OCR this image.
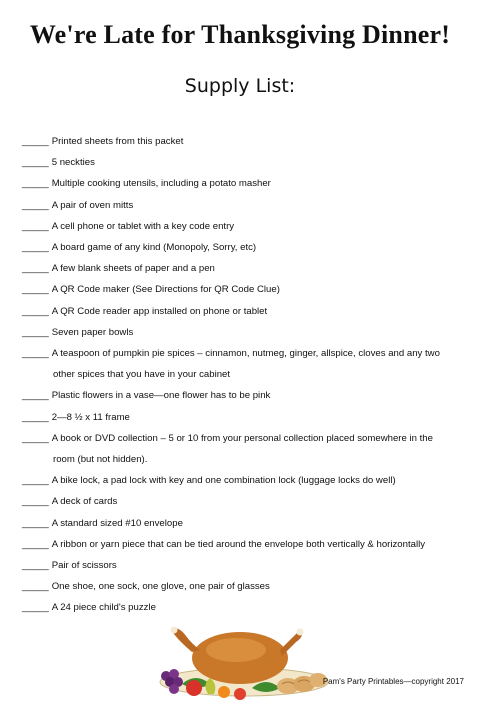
We're Late for Thanksgiving Dinner!
Supply List:
_____ Printed sheets from this packet
_____ 5 neckties
_____ Multiple cooking utensils, including a potato masher
_____ A pair of oven mitts
_____ A cell phone or tablet with a key code entry
_____ A board game of any kind (Monopoly, Sorry, etc)
_____ A few blank sheets of paper and a pen
_____ A QR Code maker (See Directions for QR Code Clue)
_____ A QR Code reader app installed on phone or tablet
_____ Seven paper bowls
_____ A teaspoon of pumpkin pie spices – cinnamon, nutmeg, ginger, allspice, cloves and any two
other spices that you have in your cabinet
_____ Plastic flowers in a vase—one flower has to be pink
_____ 2—8 ½ x 11 frame
_____ A book or DVD collection – 5 or 10 from your personal collection placed somewhere in the
room (but not hidden).
_____ A bike lock, a pad lock with key and one combination lock (luggage locks do well)
_____ A deck of cards
_____ A standard sized #10 envelope
_____ A ribbon or yarn piece that can be tied around the envelope both vertically & horizontally
_____ Pair of scissors
_____ One shoe, one sock, one glove, one pair of glasses
_____ A 24 piece child's puzzle
Pam's Party Printables—copyright 2017
